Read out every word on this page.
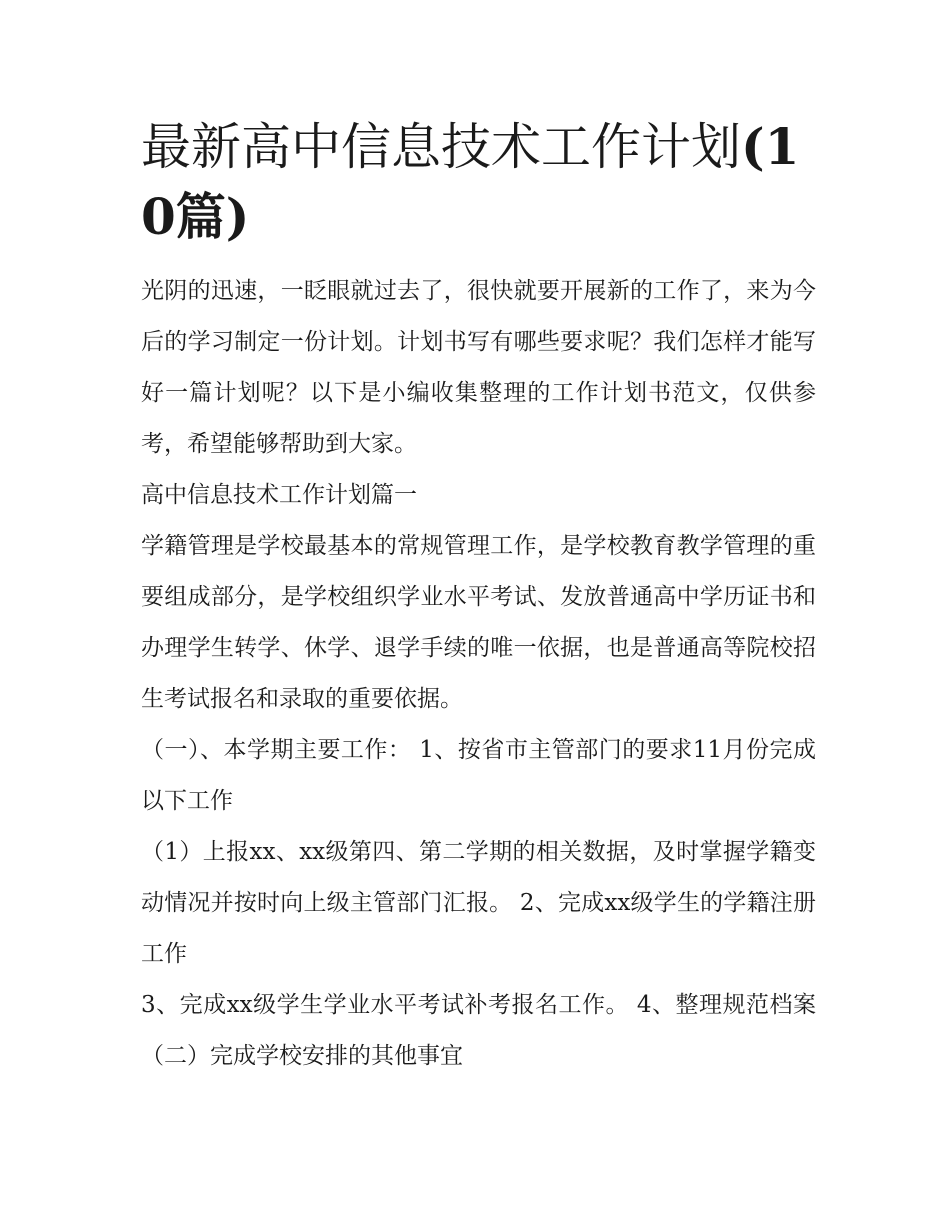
最新高中信息技术工作计划(10篇)

光阴的迅速，一眨眼就过去了，很快就要开展新的工作了，来为今后的学习制定一份计划。计划书写有哪些要求呢？我们怎样才能写好一篇计划呢？以下是小编收集整理的工作计划书范文，仅供参考，希望能够帮助到大家。

高中信息技术工作计划篇一

学籍管理是学校最基本的常规管理工作，是学校教育教学管理的重要组成部分，是学校组织学业水平考试、发放普通高中学历证书和办理学生转学、休学、退学手续的唯一依据，也是普通高等院校招生考试报名和录取的重要依据。

（一）、本学期主要工作： 1、按省市主管部门的要求11月份完成以下工作

（1）上报xx、xx级第四、第二学期的相关数据，及时掌握学籍变动情况并按时向上级主管部门汇报。 2、完成xx级学生的学籍注册工作

3、完成xx级学生学业水平考试补考报名工作。 4、整理规范档案 （二）完成学校安排的其他事宜
